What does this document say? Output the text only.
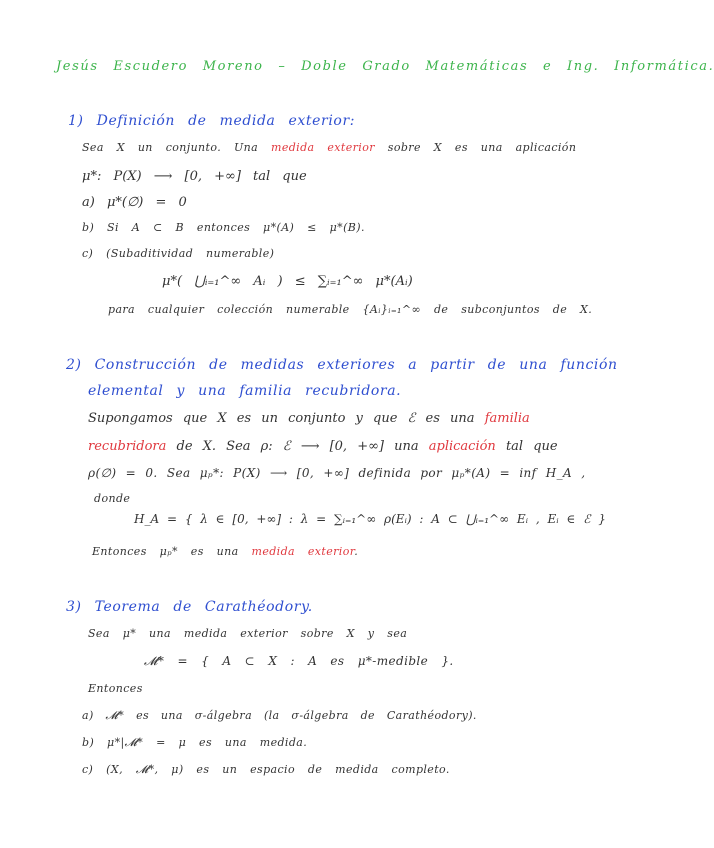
Jesús Escudero Moreno – Doble Grado Matemáticas e Ing. Informática.
1) Definición de medida exterior:
Sea X un conjunto. Una medida exterior sobre X es una aplicación
μ*: P(X) ⟶ [0, +∞] tal que
a) μ*(∅) = 0
b) Si A ⊂ B entonces μ*(A) ≤ μ*(B).
c) (Subaditividad numerable)
μ*( ⋃ᵢ₌₁^∞ Aᵢ ) ≤ ∑ᵢ₌₁^∞ μ*(Aᵢ)
para cualquier colección numerable {Aᵢ}ᵢ₌₁^∞ de subconjuntos de X.
2) Construcción de medidas exteriores a partir de una función
elemental y una familia recubridora.
Supongamos que X es un conjunto y que ℰ es una familia
recubridora de X. Sea ρ: ℰ ⟶ [0, +∞] una aplicación tal que
ρ(∅) = 0. Sea μₚ*: P(X) ⟶ [0, +∞] definida por μₚ*(A) = inf H_A ,
donde
H_A = { λ ∈ [0, +∞] : λ = ∑ᵢ₌₁^∞ ρ(Eᵢ) : A ⊂ ⋃ᵢ₌₁^∞ Eᵢ , Eᵢ ∈ ℰ }
Entonces μₚ* es una medida exterior.
3) Teorema de Carathéodory.
Sea μ* una medida exterior sobre X y sea
𝓜* = { A ⊂ X : A es μ*-medible }.
Entonces
a) 𝓜* es una σ-álgebra (la σ-álgebra de Carathéodory).
b) μ*|𝓜* = μ es una medida.
c) (X, 𝓜*, μ) es un espacio de medida completo.
